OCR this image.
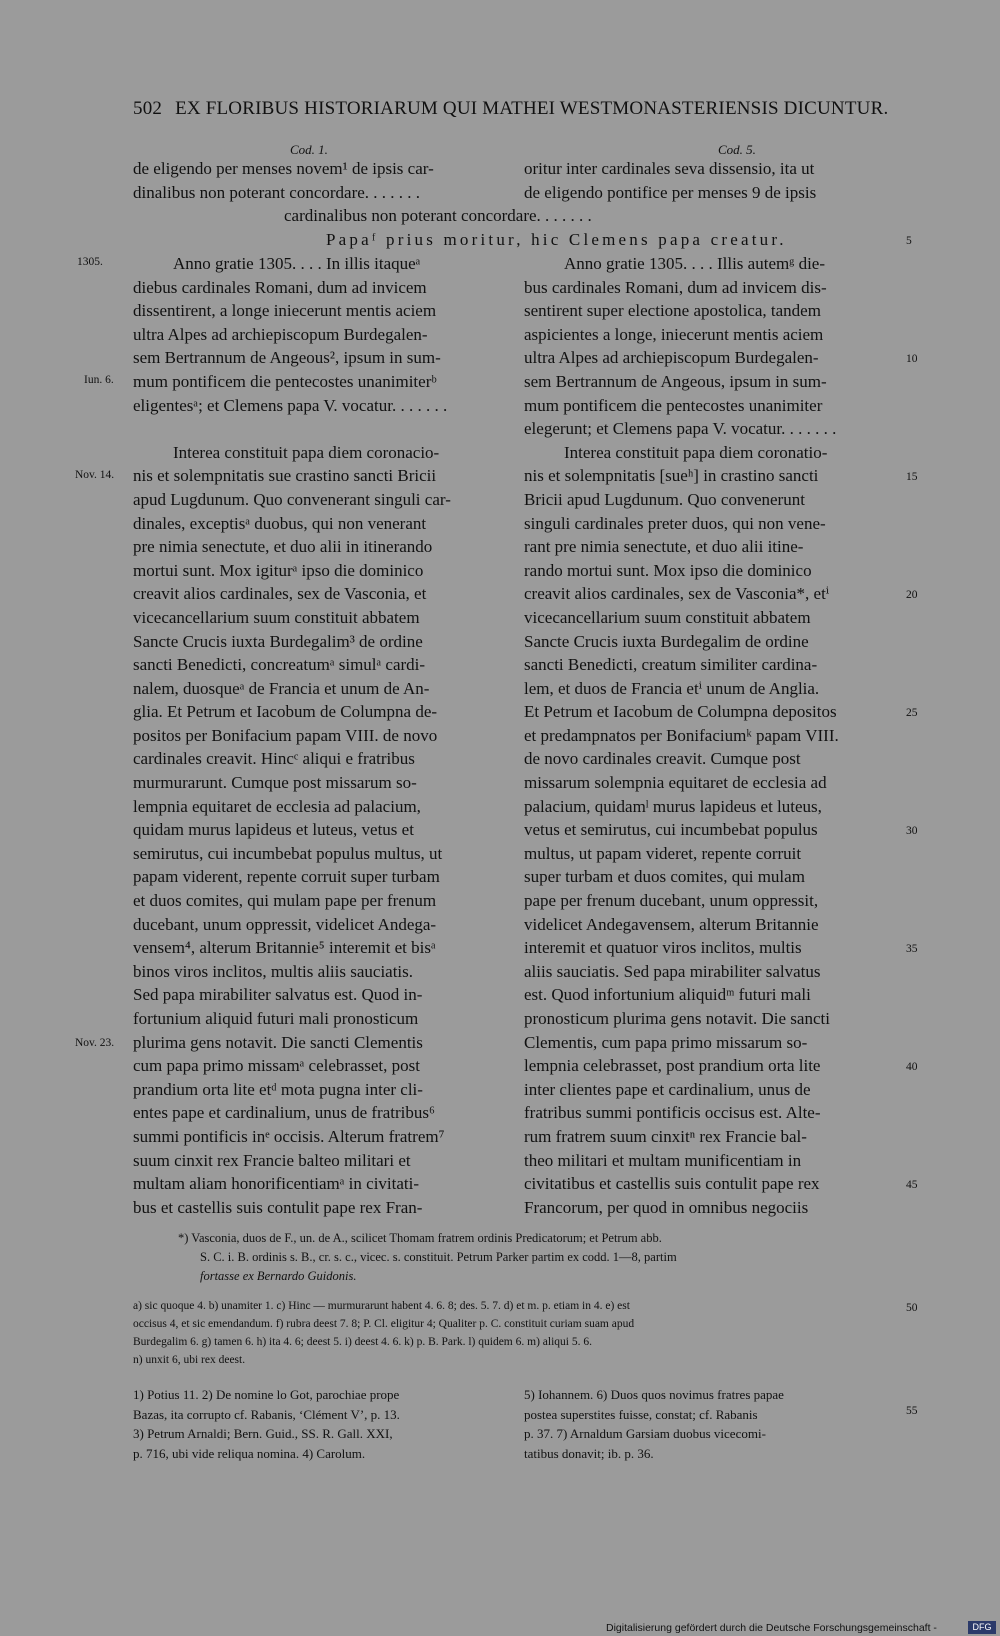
502 EX FLORIBUS HISTORIARUM QUI MATHEI WESTMONASTERIENSIS DICUNTUR.
Cod. 1.	Cod. 5.
de eligendo per menses novem¹ de ipsis car-
dinalibus non poterant concordare. . . . . . .
oritur inter cardinales seva dissensio, ita ut
de eligendo pontifice per menses 9 de ipsis
cardinalibus non poterant concordare. . . . . . .
Papaᶠ prius moritur, hic Clemens papa creatur.
Anno gratie 1305. . . . In illis itaqueᵃ
diebus cardinales Romani, dum ad invicem
dissentirent, a longe iniecerunt mentis aciem
ultra Alpes ad archiepiscopum Burdegalen-
sem Bertrannum de Angeous², ipsum in sum-
mum pontificem die pentecostes unanimiterᵇ
eligentesᵃ; et Clemens papa V. vocatur. . . . . . .
Interea constituit papa diem coronacio-
nis et solempnitatis sue crastino sancti Bricii
apud Lugdunum. Quo convenerant singuli car-
dinales, exceptisᵃ duobus, qui non venerant
pre nimia senectute, et duo alii in itinerando
mortui sunt. Mox igiturᵃ ipso die dominico
creavit alios cardinales, sex de Vasconia, et
vicecancellarium suum constituit abbatem
Sancte Crucis iuxta Burdegalim³ de ordine
sancti Benedicti, concreatumᵃ simulᵃ cardi-
nalem, duosqueᵃ de Francia et unum de An-
glia. Et Petrum et Iacobum de Columpna de-
positos per Bonifacium papam VIII. de novo
cardinales creavit. Hincᶜ aliqui e fratribus
murmurarunt. Cumque post missarum so-
lempnia equitaret de ecclesia ad palacium,
quidam murus lapideus et luteus, vetus et
semirutus, cui incumbebat populus multus, ut
papam viderent, repente corruit super turbam
et duos comites, qui mulam pape per frenum
ducebant, unum oppressit, videlicet Andega-
vensem⁴, alterum Britannie⁵ interemit et bisᵃ
binos viros inclitos, multis aliis sauciatis.
Sed papa mirabiliter salvatus est. Quod in-
fortunium aliquid futuri mali pronosticum
plurima gens notavit. Die sancti Clementis
cum papa primo missamᵃ celebrasset, post
prandium orta lite etᵈ mota pugna inter cli-
entes pape et cardinalium, unus de fratribus⁶
summi pontificis inᵉ occisis. Alterum fratrem⁷
suum cinxit rex Francie balteo militari et
multam aliam honorificentiamᵃ in civitati-
bus et castellis suis contulit pape rex Fran-
Anno gratie 1305. . . . Illis autemᵍ die-
bus cardinales Romani, dum ad invicem dis-
sentirent super electione apostolica, tandem
aspicientes a longe, iniecerunt mentis aciem
ultra Alpes ad archiepiscopum Burdegalen-
sem Bertrannum de Angeous, ipsum in sum-
mum pontificem die pentecostes unanimiter
elegerunt; et Clemens papa V. vocatur. . . . . . .
Interea constituit papa diem coronatio-
nis et solempnitatis [sueʰ] in crastino sancti
Bricii apud Lugdunum. Quo convenerunt
singuli cardinales preter duos, qui non vene-
rant pre nimia senectute, et duo alii itine-
rando mortui sunt. Mox ipso die dominico
creavit alios cardinales, sex de Vasconia*, etⁱ
vicecancellarium suum constituit abbatem
Sancte Crucis iuxta Burdegalim de ordine
sancti Benedicti, creatum similiter cardina-
lem, et duos de Francia etⁱ unum de Anglia.
Et Petrum et Iacobum de Columpna depositos
et predampnatos per Bonifaciumᵏ papam VIII.
de novo cardinales creavit. Cumque post
missarum solempnia equitaret de ecclesia ad
palacium, quidamˡ murus lapideus et luteus,
vetus et semirutus, cui incumbebat populus
multus, ut papam videret, repente corruit
super turbam et duos comites, qui mulam
pape per frenum ducebant, unum oppressit,
videlicet Andegavensem, alterum Britannie
interemit et quatuor viros inclitos, multis
aliis sauciatis. Sed papa mirabiliter salvatus
est. Quod infortunium aliquidᵐ futuri mali
pronosticum plurima gens notavit. Die sancti
Clementis, cum papa primo missarum so-
lempnia celebrasset, post prandium orta lite
inter clientes pape et cardinalium, unus de
fratribus summi pontificis occisus est. Alte-
rum fratrem suum cinxitⁿ rex Francie bal-
theo militari et multam munificentiam in
civitatibus et castellis suis contulit pape rex
Francorum, per quod in omnibus negociis
1305.
Iun. 6.
Nov. 14.
Nov. 23.
5
10
15
20
25
30
35
40
45
50
55
*) Vasconia, duos de F., un. de A., scilicet Thomam fratrem ordinis Predicatorum; et Petrum abb.
S. C. i. B. ordinis s. B., cr. s. c., vicec. s. constituit. Petrum Parker partim ex codd. 1—8, partim
fortasse ex Bernardo Guidonis.
a) sic quoque 4. b) unamiter 1. c) Hinc — murmurarunt habent 4. 6. 8; des. 5. 7. d) et m. p. etiam in 4. e) est
occisus 4, et sic emendandum. f) rubra deest 7. 8; P. Cl. eligitur 4; Qualiter p. C. constituit curiam suam apud
Burdegalim 6. g) tamen 6. h) ita 4. 6; deest 5. i) deest 4. 6. k) p. B. Park. l) quidem 6. m) aliqui 5. 6.
n) unxit 6, ubi rex deest.
1) Potius 11. 2) De nomine lo Got, parochiae prope
Bazas, ita corrupto cf. Rabanis, ‘Clément V’, p. 13.
3) Petrum Arnaldi; Bern. Guid., SS. R. Gall. XXI,
p. 716, ubi vide reliqua nomina. 4) Carolum.
5) Iohannem. 6) Duos quos novimus fratres papae
postea superstites fuisse, constat; cf. Rabanis
p. 37. 7) Arnaldum Garsiam duobus vicecomi-
tatibus donavit; ib. p. 36.
Digitalisierung gefördert durch die Deutsche Forschungsgemeinschaft -	DFG
